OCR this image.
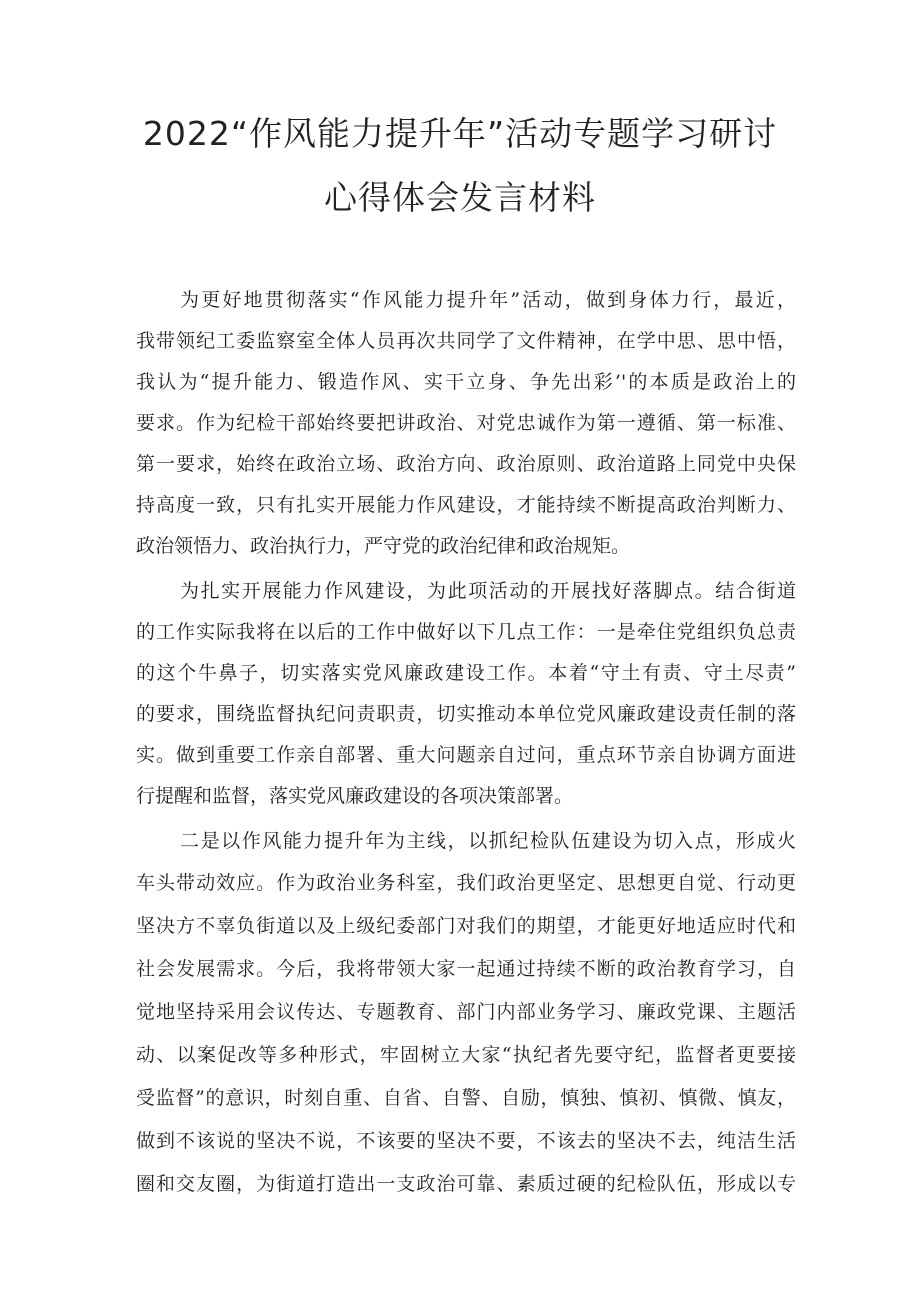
2022“作风能力提升年”活动专题学习研讨
心得体会发言材料
为更好地贯彻落实“作风能力提升年”活动，做到身体力行，最近，
我带领纪工委监察室全体人员再次共同学了文件精神，在学中思、思中悟，
我认为“提升能力、锻造作风、实干立身、争先出彩’'的本质是政治上的
要求。作为纪检干部始终要把讲政治、对党忠诚作为第一遵循、第一标准、
第一要求，始终在政治立场、政治方向、政治原则、政治道路上同党中央保
持高度一致，只有扎实开展能力作风建设，才能持续不断提高政治判断力、
政治领悟力、政治执行力，严守党的政治纪律和政治规矩。
为扎实开展能力作风建设，为此项活动的开展找好落脚点。结合街道
的工作实际我将在以后的工作中做好以下几点工作：一是牵住党组织负总责
的这个牛鼻子，切实落实党风廉政建设工作。本着“守土有责、守土尽责”
的要求，围绕监督执纪问责职责，切实推动本单位党风廉政建设责任制的落
实。做到重要工作亲自部署、重大问题亲自过问，重点环节亲自协调方面进
行提醒和监督，落实党风廉政建设的各项决策部署。
二是以作风能力提升年为主线，以抓纪检队伍建设为切入点，形成火
车头带动效应。作为政治业务科室，我们政治更坚定、思想更自觉、行动更
坚决方不辜负街道以及上级纪委部门对我们的期望，才能更好地适应时代和
社会发展需求。今后，我将带领大家一起通过持续不断的政治教育学习，自
觉地坚持采用会议传达、专题教育、部门内部业务学习、廉政党课、主题活
动、以案促改等多种形式，牢固树立大家“执纪者先要守纪，监督者更要接
受监督”的意识，时刻自重、自省、自警、自励，慎独、慎初、慎微、慎友，
做到不该说的坚决不说，不该要的坚决不要，不该去的坚决不去，纯洁生活
圈和交友圈，为街道打造出一支政治可靠、素质过硬的纪检队伍，形成以专
